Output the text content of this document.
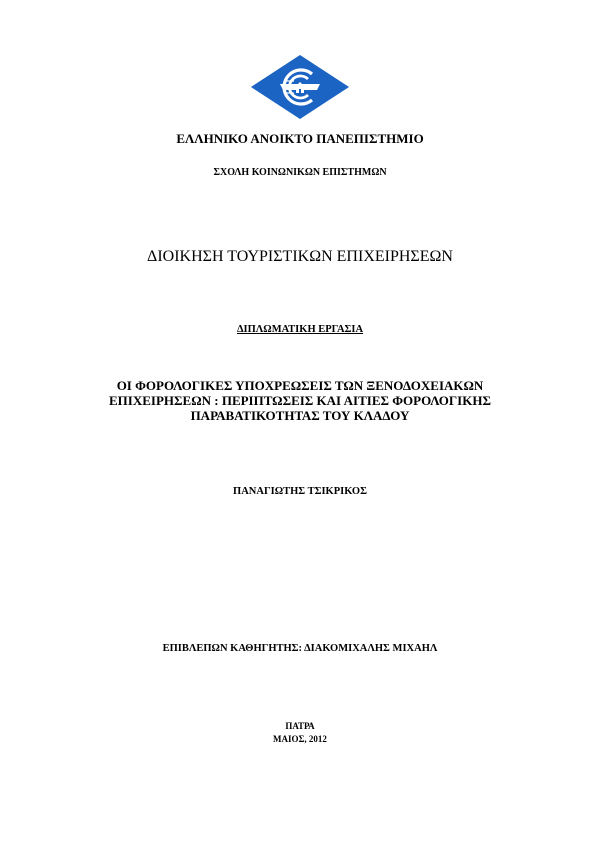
ΕΛΛΗΝΙΚΟ ΑΝΟΙΚΤΟ ΠΑΝΕΠΙΣΤΗΜΙΟ
ΣΧΟΛΗ ΚΟΙΝΩΝΙΚΩΝ ΕΠΙΣΤΗΜΩΝ
ΔΙΟΙΚΗΣΗ ΤΟΥΡΙΣΤΙΚΩΝ ΕΠΙΧΕΙΡΗΣΕΩΝ
ΔΙΠΛΩΜΑΤΙΚΗ ΕΡΓΑΣΙΑ
ΟΙ ΦΟΡΟΛΟΓΙΚΕΣ ΥΠΟΧΡΕΩΣΕΙΣ ΤΩΝ ΞΕΝΟΔΟΧΕΙΑΚΩΝ
ΕΠΙΧΕΙΡΗΣΕΩΝ : ΠΕΡΙΠΤΩΣΕΙΣ ΚΑΙ ΑΙΤΙΕΣ ΦΟΡΟΛΟΓΙΚΗΣ
ΠΑΡΑΒΑΤΙΚΟΤΗΤΑΣ ΤΟΥ ΚΛΑΔΟΥ
ΠΑΝΑΓΙΩΤΗΣ ΤΣΙΚΡΙΚΟΣ
ΕΠΙΒΛΕΠΩΝ ΚΑΘΗΓΗΤΗΣ: ΔΙΑΚΟΜΙΧΑΛΗΣ ΜΙΧΑΗΛ
ΠΑΤΡΑ
ΜΑΙΟΣ, 2012
